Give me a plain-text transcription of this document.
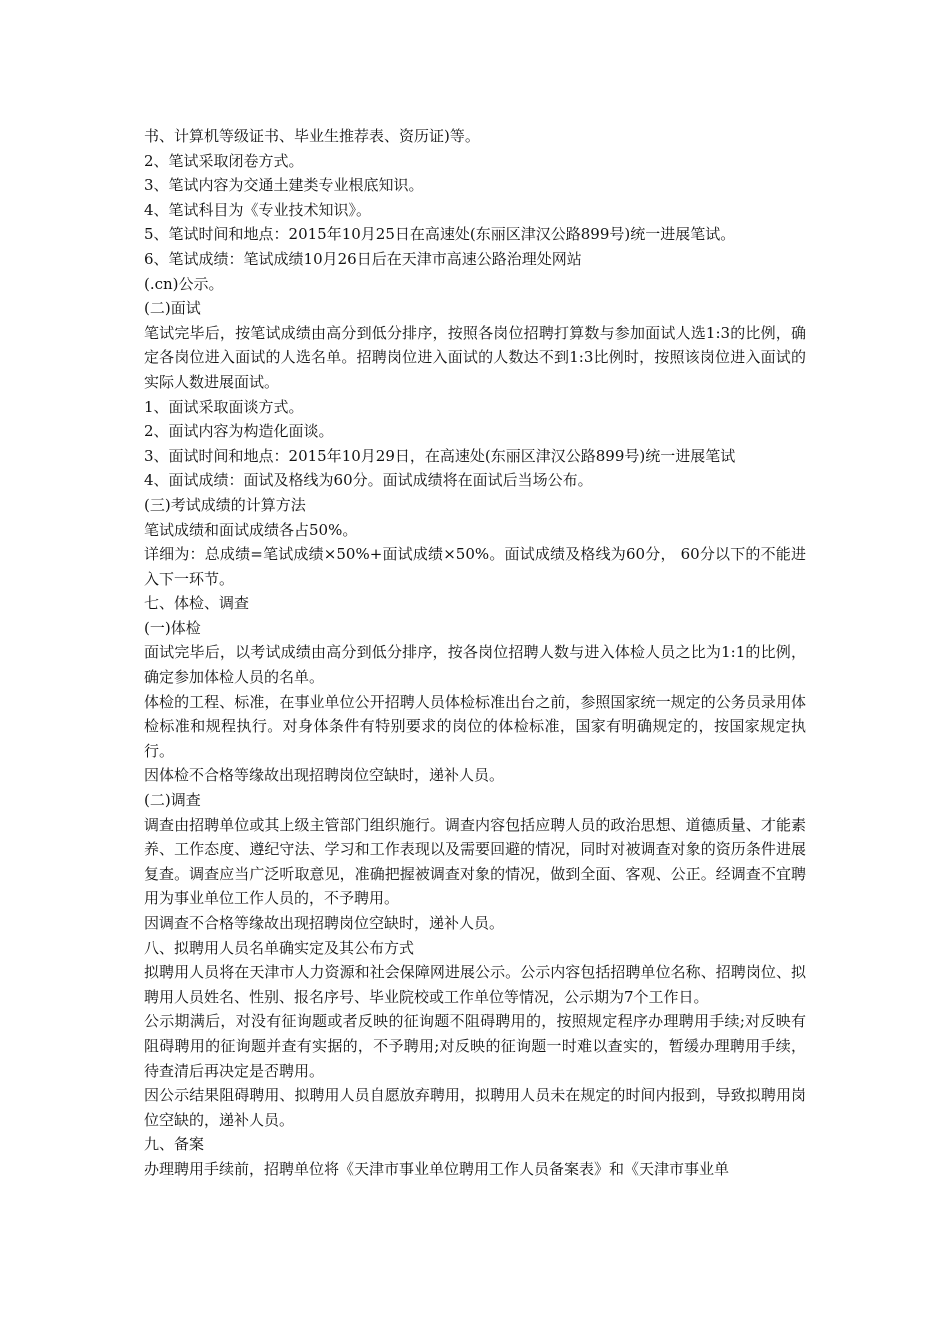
书、计算机等级证书、毕业生推荐表、资历证)等。

2、笔试采取闭卷方式。

3、笔试内容为交通土建类专业根底知识。

4、笔试科目为《专业技术知识》。

5、笔试时间和地点：2015年10月25日在高速处(东丽区津汉公路899号)统一进展笔试。

6、笔试成绩：笔试成绩10月26日后在天津市高速公路治理处网站

(.cn)公示。

(二)面试

笔试完毕后，按笔试成绩由高分到低分排序，按照各岗位招聘打算数与参加面试人选1:3的比例，确定各岗位进入面试的人选名单。招聘岗位进入面试的人数达不到1:3比例时，按照该岗位进入面试的实际人数进展面试。

1、面试采取面谈方式。

2、面试内容为构造化面谈。

3、面试时间和地点：2015年10月29日，在高速处(东丽区津汉公路899号)统一进展笔试

4、面试成绩：面试及格线为60分。面试成绩将在面试后当场公布。

(三)考试成绩的计算方法

笔试成绩和面试成绩各占50%。

详细为：总成绩=笔试成绩×50%+面试成绩×50%。面试成绩及格线为60分， 60分以下的不能进入下一环节。

七、体检、调查

(一)体检

面试完毕后，以考试成绩由高分到低分排序，按各岗位招聘人数与进入体检人员之比为1:1的比例，确定参加体检人员的名单。

体检的工程、标准，在事业单位公开招聘人员体检标准出台之前，参照国家统一规定的公务员录用体检标准和规程执行。对身体条件有特别要求的岗位的体检标准，国家有明确规定的，按国家规定执行。

因体检不合格等缘故出现招聘岗位空缺时，递补人员。

(二)调查

调查由招聘单位或其上级主管部门组织施行。调查内容包括应聘人员的政治思想、道德质量、才能素养、工作态度、遵纪守法、学习和工作表现以及需要回避的情况，同时对被调查对象的资历条件进展复查。调查应当广泛听取意见，准确把握被调查对象的情况，做到全面、客观、公正。经调查不宜聘用为事业单位工作人员的，不予聘用。

因调查不合格等缘故出现招聘岗位空缺时，递补人员。

八、拟聘用人员名单确实定及其公布方式

拟聘用人员将在天津市人力资源和社会保障网进展公示。公示内容包括招聘单位名称、招聘岗位、拟聘用人员姓名、性别、报名序号、毕业院校或工作单位等情况，公示期为7个工作日。

公示期满后，对没有征询题或者反映的征询题不阻碍聘用的，按照规定程序办理聘用手续;对反映有阻碍聘用的征询题并查有实据的，不予聘用;对反映的征询题一时难以查实的，暂缓办理聘用手续，待查清后再决定是否聘用。

因公示结果阻碍聘用、拟聘用人员自愿放弃聘用，拟聘用人员未在规定的时间内报到，导致拟聘用岗位空缺的，递补人员。

九、备案

办理聘用手续前，招聘单位将《天津市事业单位聘用工作人员备案表》和《天津市事业单
